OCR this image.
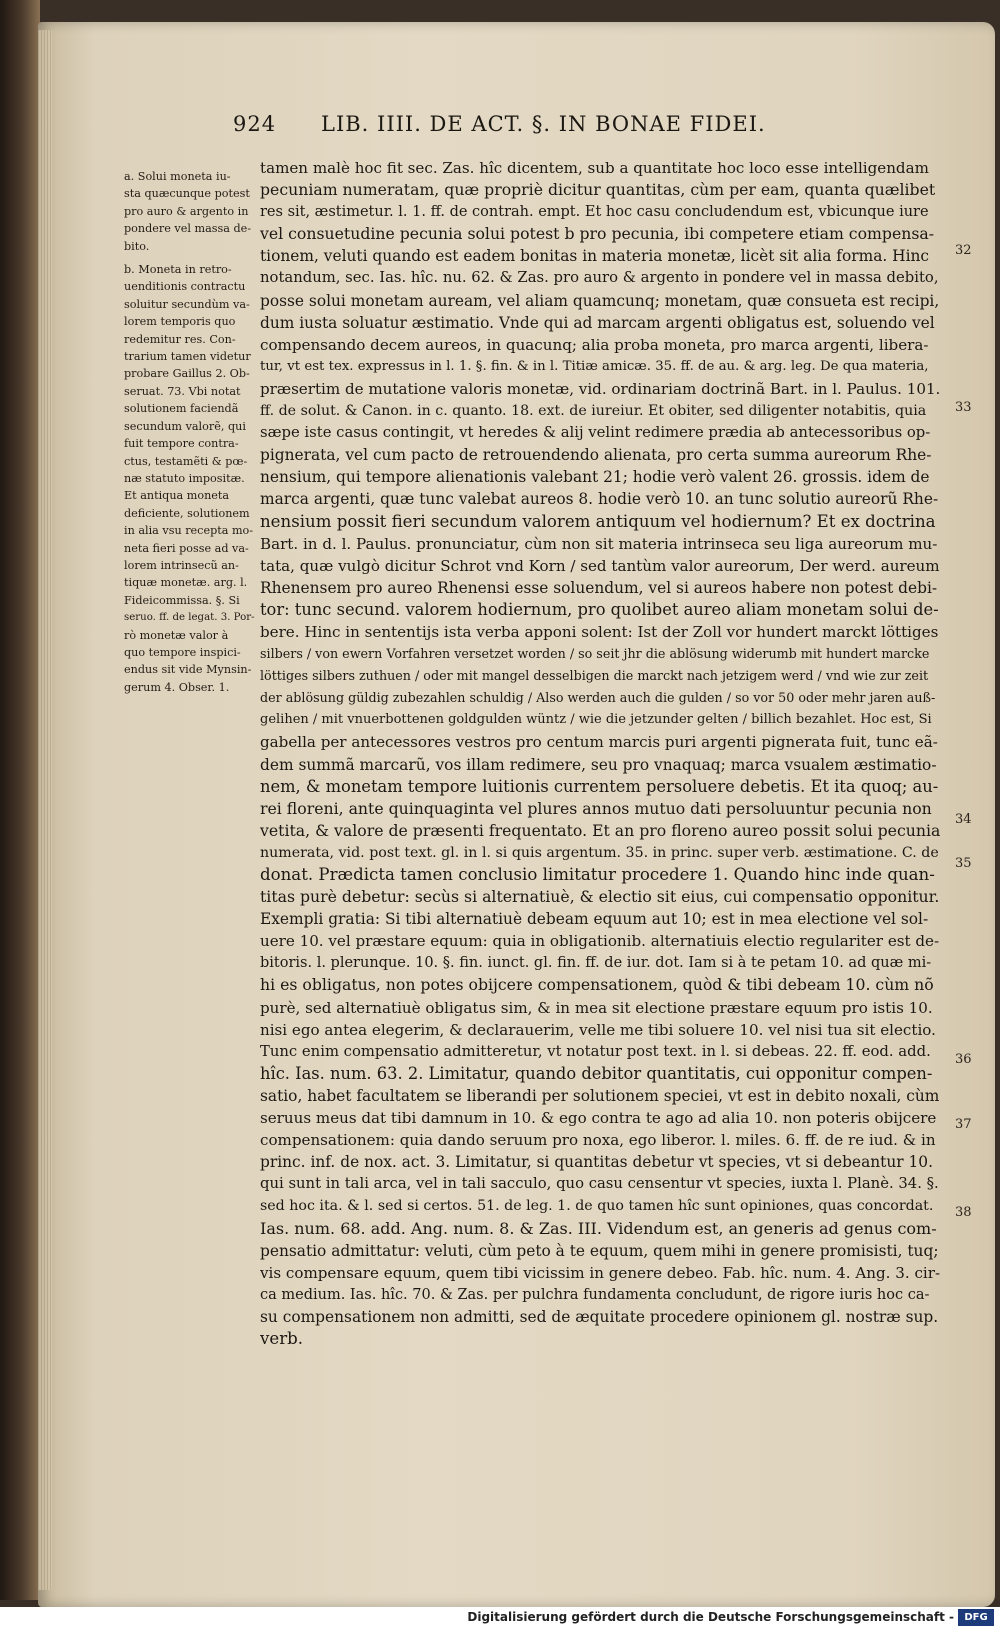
924 LIB. IIII. DE ACT. §. IN BONAE FIDEI.
a. Solui moneta iu-
sta quæcunque potest
pro auro & argento in
pondere vel massa de-
bito.
b. Moneta in retro-
uenditionis contractu
soluitur secundùm va-
lorem temporis quo
redemitur res. Con-
trarium tamen videtur
probare Gaillus 2. Ob-
seruat. 73. Vbi notat
solutionem faciendã
secundum valorẽ, qui
fuit tempore contra-
ctus, testamẽti & pœ-
næ statuto impositæ.
Et antiqua moneta
deficiente, solutionem
in alia vsu recepta mo-
neta fieri posse ad va-
lorem intrinsecũ an-
tiquæ monetæ. arg. l.
Fideicommissa. §. Si
seruo. ff. de legat. 3. Por-
rò monetæ valor à
quo tempore inspici-
endus sit vide Mynsin-
gerum 4. Obser. 1.
tamen malè hoc fit sec. Zas. hîc dicentem, sub a quantitate hoc loco esse intelligendam
pecuniam numeratam, quæ propriè dicitur quantitas, cùm per eam, quanta quælibet
res sit, æstimetur. l. 1. ff. de contrah. empt. Et hoc casu concludendum est, vbicunque iure
vel consuetudine pecunia solui potest b pro pecunia, ibi competere etiam compensa-
tionem, veluti quando est eadem bonitas in materia monetæ, licèt sit alia forma. Hinc
notandum, sec. Ias. hîc. nu. 62. & Zas. pro auro & argento in pondere vel in massa debito,
posse solui monetam auream, vel aliam quamcunq; monetam, quæ consueta est recipi,
dum iusta soluatur æstimatio. Vnde qui ad marcam argenti obligatus est, soluendo vel
compensando decem aureos, in quacunq; alia proba moneta, pro marca argenti, libera-
tur, vt est tex. expressus in l. 1. §. fin. & in l. Titiæ amicæ. 35. ff. de au. & arg. leg. De qua materia,
præsertim de mutatione valoris monetæ, vid. ordinariam doctrinã Bart. in l. Paulus. 101.
ff. de solut. & Canon. in c. quanto. 18. ext. de iureiur. Et obiter, sed diligenter notabitis, quia
sæpe iste casus contingit, vt heredes & alij velint redimere prædia ab antecessoribus op-
pignerata, vel cum pacto de retrouendendo alienata, pro certa summa aureorum Rhe-
nensium, qui tempore alienationis valebant 21; hodie verò valent 26. grossis. idem de
marca argenti, quæ tunc valebat aureos 8. hodie verò 10. an tunc solutio aureorũ Rhe-
nensium possit fieri secundum valorem antiquum vel hodiernum? Et ex doctrina
Bart. in d. l. Paulus. pronunciatur, cùm non sit materia intrinseca seu liga aureorum mu-
tata, quæ vulgò dicitur Schrot vnd Korn / sed tantùm valor aureorum, Der werd. aureum
Rhenensem pro aureo Rhenensi esse soluendum, vel si aureos habere non potest debi-
tor: tunc secund. valorem hodiernum, pro quolibet aureo aliam monetam solui de-
bere. Hinc in sententijs ista verba apponi solent: Ist der Zoll vor hundert marckt löttiges
silbers / von ewern Vorfahren versetzet worden / so seit jhr die ablösung widerumb mit hundert marcke
löttiges silbers zuthuen / oder mit mangel desselbigen die marckt nach jetzigem werd / vnd wie zur zeit
der ablösung güldig zubezahlen schuldig / Also werden auch die gulden / so vor 50 oder mehr jaren auß-
gelihen / mit vnuerbottenen goldgulden wüntz / wie die jetzunder gelten / billich bezahlet. Hoc est, Si
gabella per antecessores vestros pro centum marcis puri argenti pignerata fuit, tunc eã-
dem summã marcarũ, vos illam redimere, seu pro vnaquaq; marca vsualem æstimatio-
nem, & monetam tempore luitionis currentem persoluere debetis. Et ita quoq; au-
rei floreni, ante quinquaginta vel plures annos mutuo dati persoluuntur pecunia non
vetita, & valore de præsenti frequentato. Et an pro floreno aureo possit solui pecunia
numerata, vid. post text. gl. in l. si quis argentum. 35. in princ. super verb. æstimatione. C. de
donat. Prædicta tamen conclusio limitatur procedere 1. Quando hinc inde quan-
titas purè debetur: secùs si alternatiuè, & electio sit eius, cui compensatio opponitur.
Exempli gratia: Si tibi alternatiuè debeam equum aut 10; est in mea electione vel sol-
uere 10. vel præstare equum: quia in obligationib. alternatiuis electio regulariter est de-
bitoris. l. plerunque. 10. §. fin. iunct. gl. fin. ff. de iur. dot. Iam si à te petam 10. ad quæ mi-
hi es obligatus, non potes obijcere compensationem, quòd & tibi debeam 10. cùm nõ
purè, sed alternatiuè obligatus sim, & in mea sit electione præstare equum pro istis 10.
nisi ego antea elegerim, & declarauerim, velle me tibi soluere 10. vel nisi tua sit electio.
Tunc enim compensatio admitteretur, vt notatur post text. in l. si debeas. 22. ff. eod. add.
hîc. Ias. num. 63. 2. Limitatur, quando debitor quantitatis, cui opponitur compen-
satio, habet facultatem se liberandi per solutionem speciei, vt est in debito noxali, cùm
seruus meus dat tibi damnum in 10. & ego contra te ago ad alia 10. non poteris obijcere
compensationem: quia dando seruum pro noxa, ego liberor. l. miles. 6. ff. de re iud. & in
princ. inf. de nox. act. 3. Limitatur, si quantitas debetur vt species, vt si debeantur 10.
qui sunt in tali arca, vel in tali sacculo, quo casu censentur vt species, iuxta l. Planè. 34. §.
sed hoc ita. & l. sed si certos. 51. de leg. 1. de quo tamen hîc sunt opiniones, quas concordat.
Ias. num. 68. add. Ang. num. 8. & Zas. III. Videndum est, an generis ad genus com-
pensatio admittatur: veluti, cùm peto à te equum, quem mihi in genere promisisti, tuq;
vis compensare equum, quem tibi vicissim in genere debeo. Fab. hîc. num. 4. Ang. 3. cir-
ca medium. Ias. hîc. 70. & Zas. per pulchra fundamenta concludunt, de rigore iuris hoc ca-
su compensationem non admitti, sed de æquitate procedere opinionem gl. nostræ sup.
verb.
32
33
34
35
36
37
38
Digitalisierung gefördert durch die Deutsche Forschungsgemeinschaft -	DFG
